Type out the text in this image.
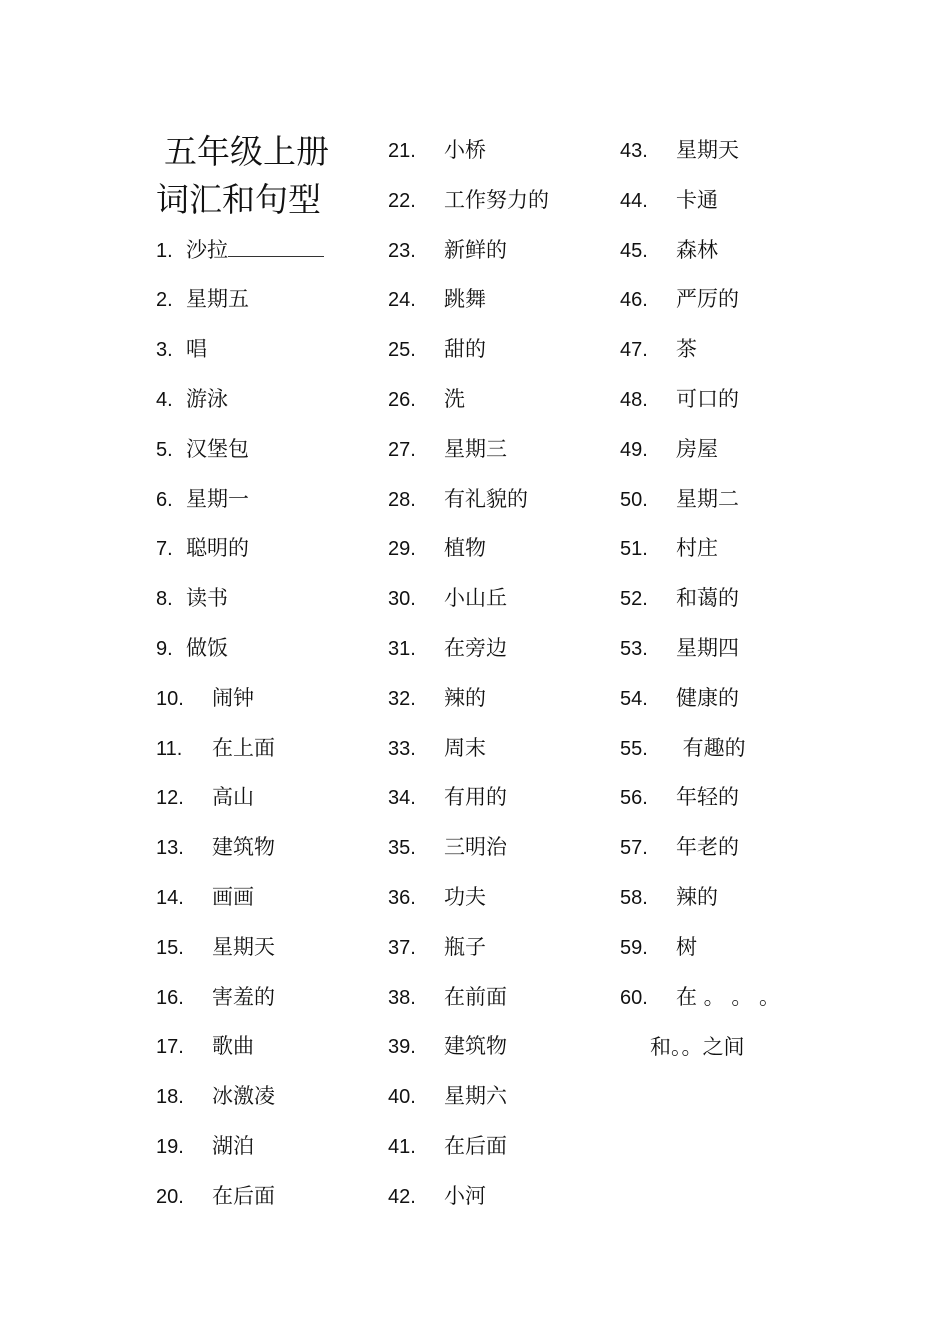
五年级上册
词汇和句型
1. 沙拉
2. 星期五
3. 唱
4. 游泳
5. 汉堡包
6. 星期一
7. 聪明的
8. 读书
9. 做饭
10. 闹钟
11. 在上面
12. 高山
13. 建筑物
14. 画画
15. 星期天
16. 害羞的
17. 歌曲
18. 冰激凌
19. 湖泊
20. 在后面
21. 小桥
22. 工作努力的
23. 新鲜的
24. 跳舞
25. 甜的
26. 洗
27. 星期三
28. 有礼貌的
29. 植物
30. 小山丘
31. 在旁边
32. 辣的
33. 周末
34. 有用的
35. 三明治
36. 功夫
37. 瓶子
38. 在前面
39. 建筑物
40. 星期六
41. 在后面
42. 小河
43. 星期天
44. 卡通
45. 森林
46. 严厉的
47. 茶
48. 可口的
49. 房屋
50. 星期二
51. 村庄
52. 和蔼的
53. 星期四
54. 健康的
55. 有趣的
56. 年轻的
57. 年老的
58. 辣的
59. 树
60. 在 。 。 。
和。。之间
